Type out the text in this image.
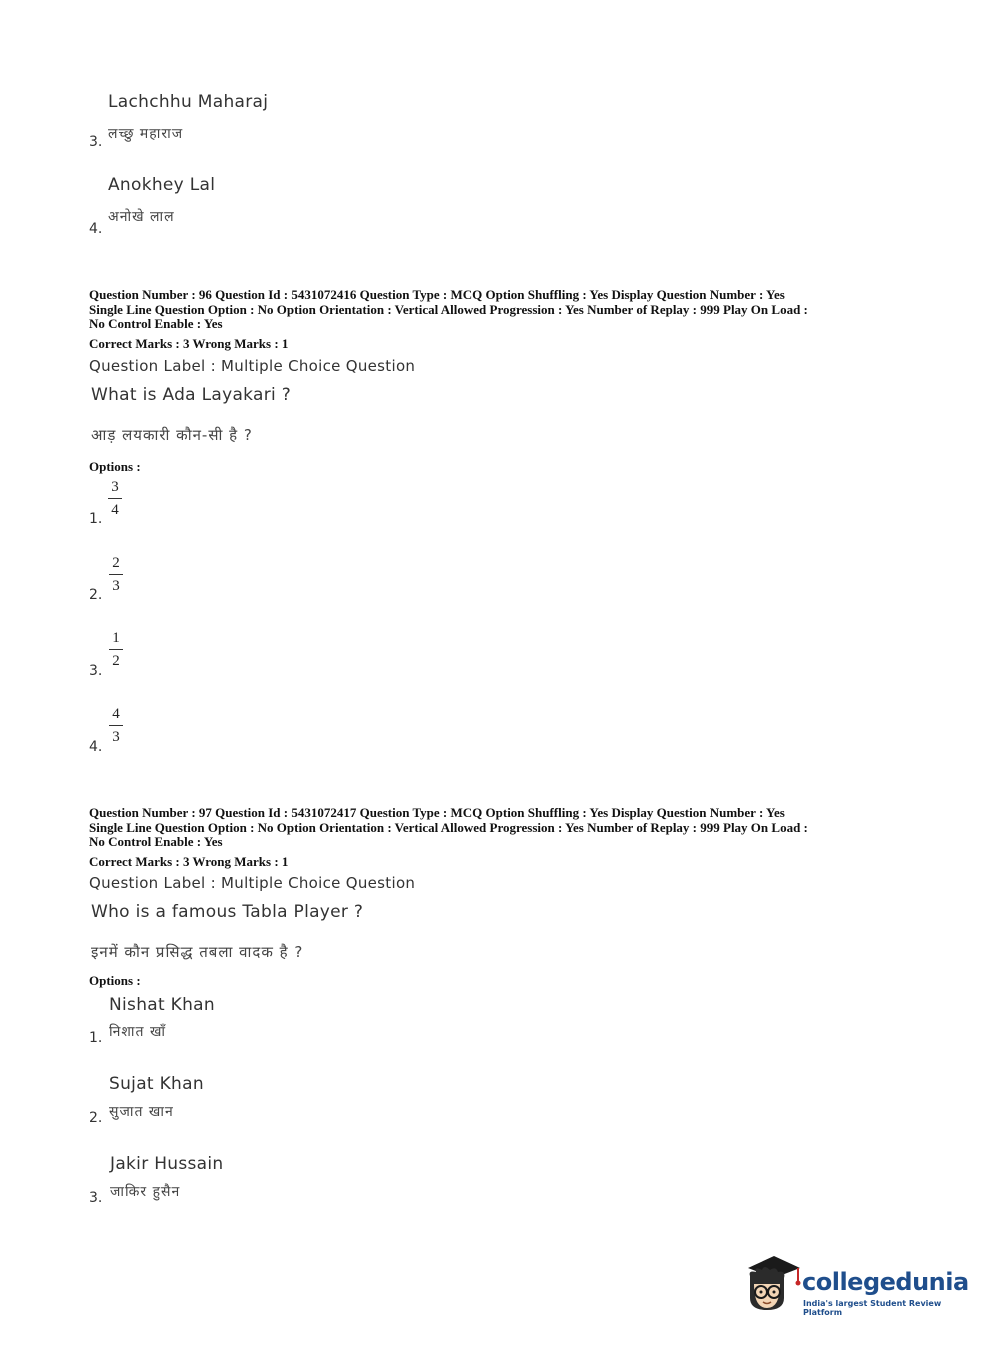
Lachchhu Maharaj
3. लच्छु महाराज
Anokhey Lal
4.
अनोखे लाल
Question Number : 96 Question Id : 5431072416 Question Type : MCQ Option Shuffling : Yes Display Question Number : Yes
Single Line Question Option : No Option Orientation : Vertical Allowed Progression : Yes Number of Replay : 999 Play On Load :
No Control Enable : Yes
Correct Marks : 3 Wrong Marks : 1
Question Label : Multiple Choice Question
What is Ada Layakari ?
आड़ लयकारी कौन-सी है ?
Options :
1.
3
4
2.
2
3
3.
1
2
4.
4
3
Question Number : 97 Question Id : 5431072417 Question Type : MCQ Option Shuffling : Yes Display Question Number : Yes
Single Line Question Option : No Option Orientation : Vertical Allowed Progression : Yes Number of Replay : 999 Play On Load :
No Control Enable : Yes
Correct Marks : 3 Wrong Marks : 1
Question Label : Multiple Choice Question
Who is a famous Tabla Player ?
इनमें कौन प्रसिद्ध तबला वादक है ?
Options :
Nishat Khan
1. निशात खाँ
Sujat Khan
2. सुजात खान
Jakir Hussain
3. जाकिर हुसैन
collegedunia
India's largest Student Review Platform
